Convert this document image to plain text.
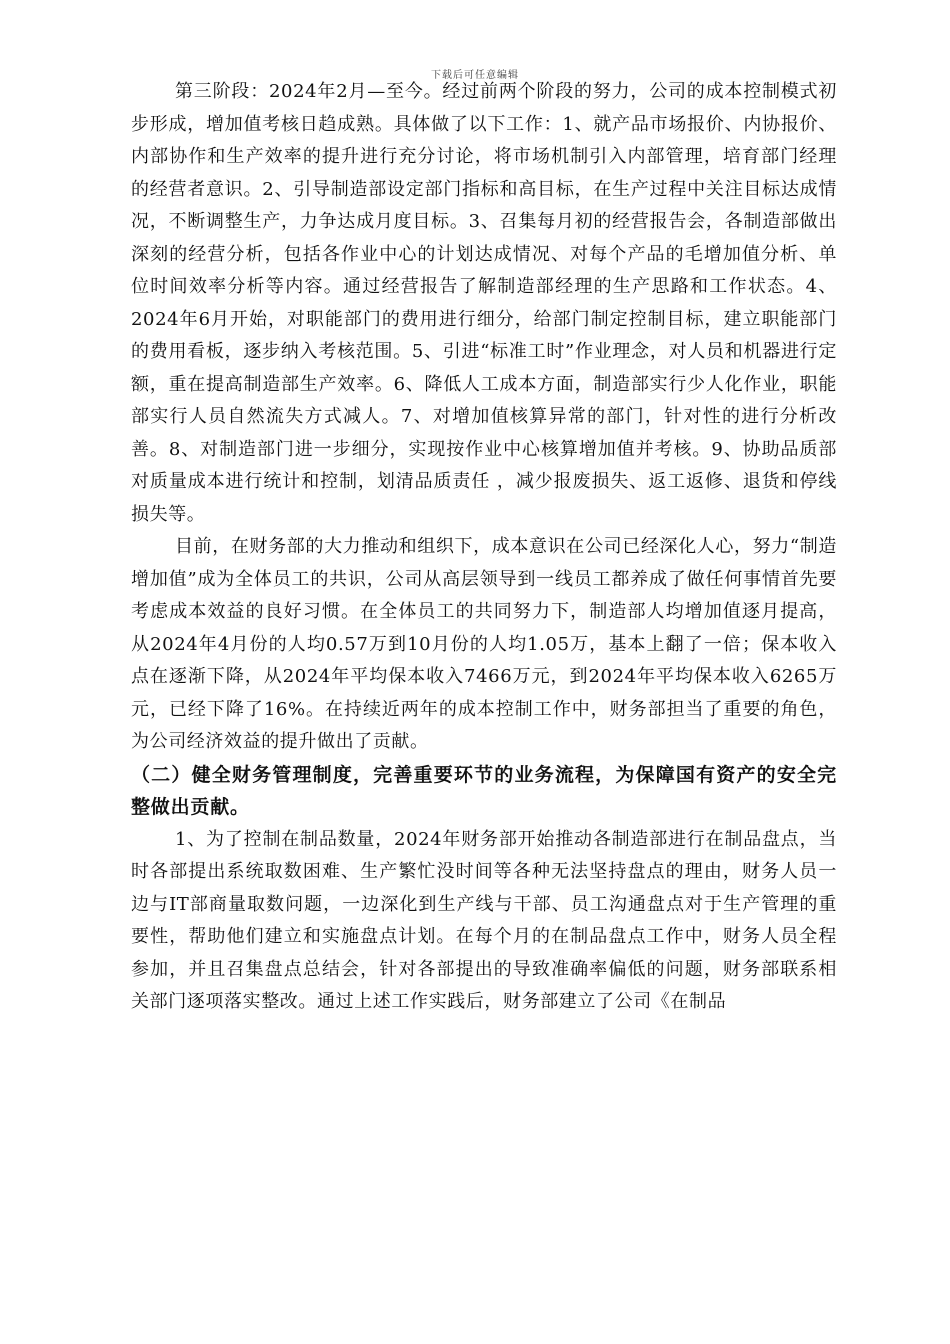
下载后可任意编辑

第三阶段：2024年2月—至今。经过前两个阶段的努力，公司的成本控制模式初步形成，增加值考核日趋成熟。具体做了以下工作：1、就产品市场报价、内协报价、内部协作和生产效率的提升进行充分讨论，将市场机制引入内部管理，培育部门经理的经营者意识。2、引导制造部设定部门指标和高目标，在生产过程中关注目标达成情况，不断调整生产，力争达成月度目标。3、召集每月初的经营报告会，各制造部做出深刻的经营分析，包括各作业中心的计划达成情况、对每个产品的毛增加值分析、单位时间效率分析等内容。通过经营报告了解制造部经理的生产思路和工作状态。4、2024年6月开始，对职能部门的费用进行细分，给部门制定控制目标，建立职能部门的费用看板，逐步纳入考核范围。5、引进“标准工时”作业理念，对人员和机器进行定额，重在提高制造部生产效率。6、降低人工成本方面，制造部实行少人化作业，职能部实行人员自然流失方式减人。7、对增加值核算异常的部门，针对性的进行分析改善。8、对制造部门进一步细分，实现按作业中心核算增加值并考核。9、协助品质部对质量成本进行统计和控制，划清品质责任 ，减少报废损失、返工返修、退货和停线损失等。

目前，在财务部的大力推动和组织下，成本意识在公司已经深化人心，努力“制造增加值”成为全体员工的共识，公司从高层领导到一线员工都养成了做任何事情首先要考虑成本效益的良好习惯。在全体员工的共同努力下，制造部人均增加值逐月提高，从2024年4月份的人均0.57万到10月份的人均1.05万，基本上翻了一倍；保本收入点在逐渐下降，从2024年平均保本收入7466万元，到2024年平均保本收入6265万元，已经下降了16%。在持续近两年的成本控制工作中，财务部担当了重要的角色，为公司经济效益的提升做出了贡献。

（二）健全财务管理制度，完善重要环节的业务流程，为保障国有资产的安全完整做出贡献。

1、为了控制在制品数量，2024年财务部开始推动各制造部进行在制品盘点，当时各部提出系统取数困难、生产繁忙没时间等各种无法坚持盘点的理由，财务人员一边与IT部商量取数问题，一边深化到生产线与干部、员工沟通盘点对于生产管理的重要性，帮助他们建立和实施盘点计划。在每个月的在制品盘点工作中，财务人员全程参加，并且召集盘点总结会，针对各部提出的导致准确率偏低的问题，财务部联系相关部门逐项落实整改。通过上述工作实践后，财务部建立了公司《在制品
